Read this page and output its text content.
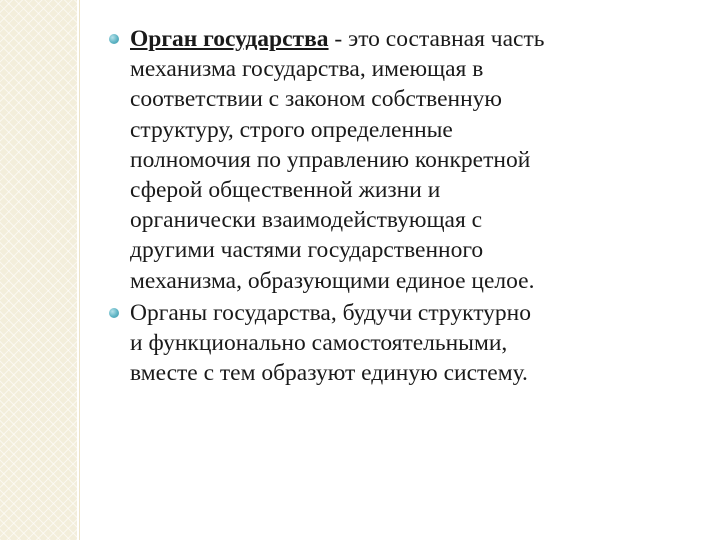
Орган государства - это составная часть
механизма государства, имеющая в
соответствии с законом собственную
структуру, строго определенные
полномочия по управлению конкретной
сферой общественной жизни и
органически взаимодействующая с
другими частями государственного
механизма, образующими единое целое.
Органы государства, будучи структурно
и функционально самостоятельными,
вместе с тем образуют единую систему.
